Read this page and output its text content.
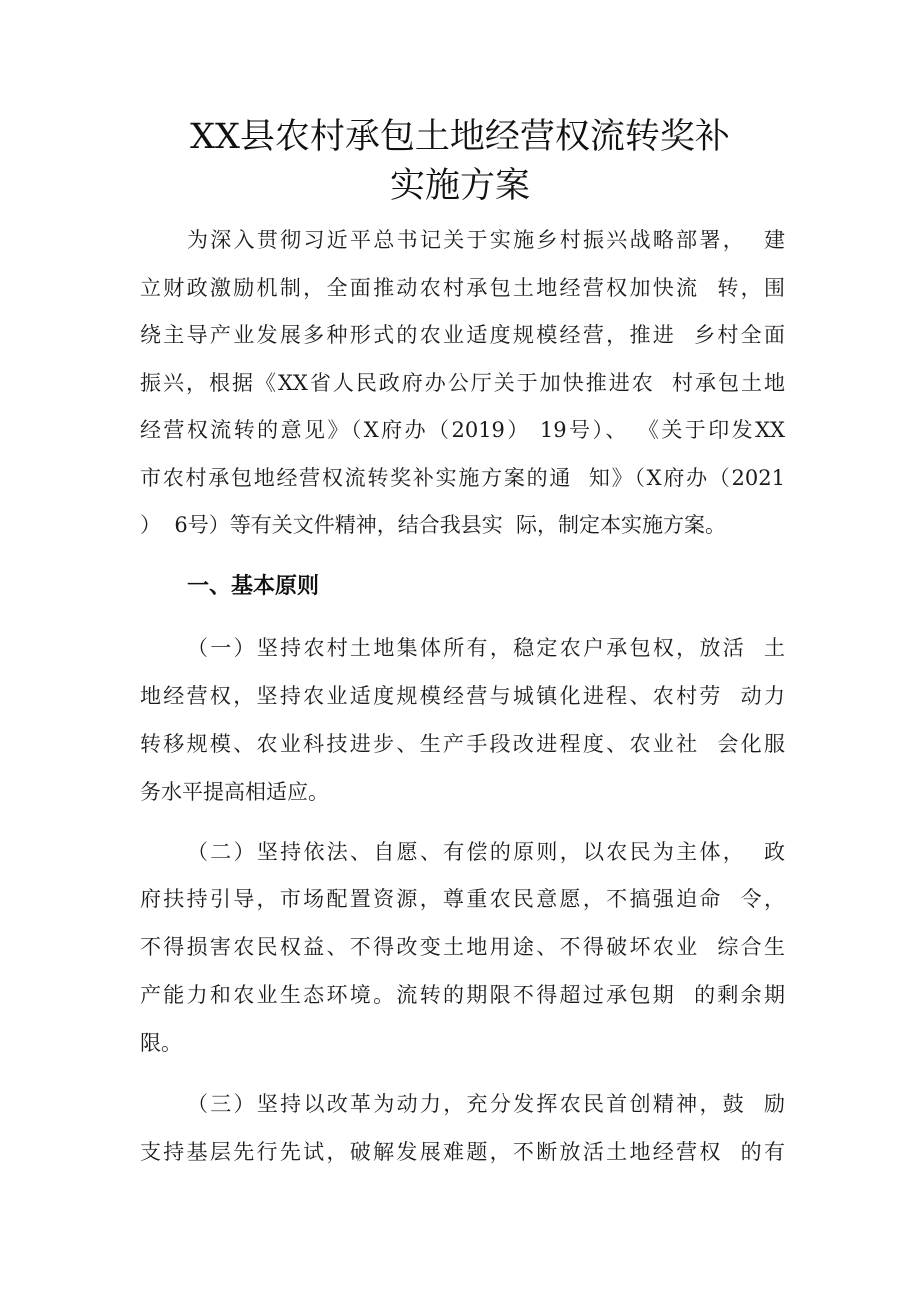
XX县农村承包土地经营权流转奖补
实施方案
为深入贯彻习近平总书记关于实施乡村振兴战略部署，  建
立财政激励机制，全面推动农村承包土地经营权加快流  转，围
绕主导产业发展多种形式的农业适度规模经营，推进  乡村全面
振兴，根据《XX省人民政府办公厅关于加快推进农  村承包土地
经营权流转的意见》（X府办（2019） 19号）、 《关于印发XX
市农村承包地经营权流转奖补实施方案的通  知》（X府办（2021
）  6号）等有关文件精神，结合我县实  际，制定本实施方案。
一、基本原则
（一）坚持农村土地集体所有，稳定农户承包权，放活  土
地经营权，坚持农业适度规模经营与城镇化进程、农村劳  动力
转移规模、农业科技进步、生产手段改进程度、农业社  会化服
务水平提高相适应。
（二）坚持依法、自愿、有偿的原则，以农民为主体，  政
府扶持引导，市场配置资源，尊重农民意愿，不搞强迫命  令，
不得损害农民权益、不得改变土地用途、不得破坏农业  综合生
产能力和农业生态环境。流转的期限不得超过承包期  的剩余期
限。
（三）坚持以改革为动力，充分发挥农民首创精神，鼓  励
支持基层先行先试，破解发展难题，不断放活土地经营权  的有
